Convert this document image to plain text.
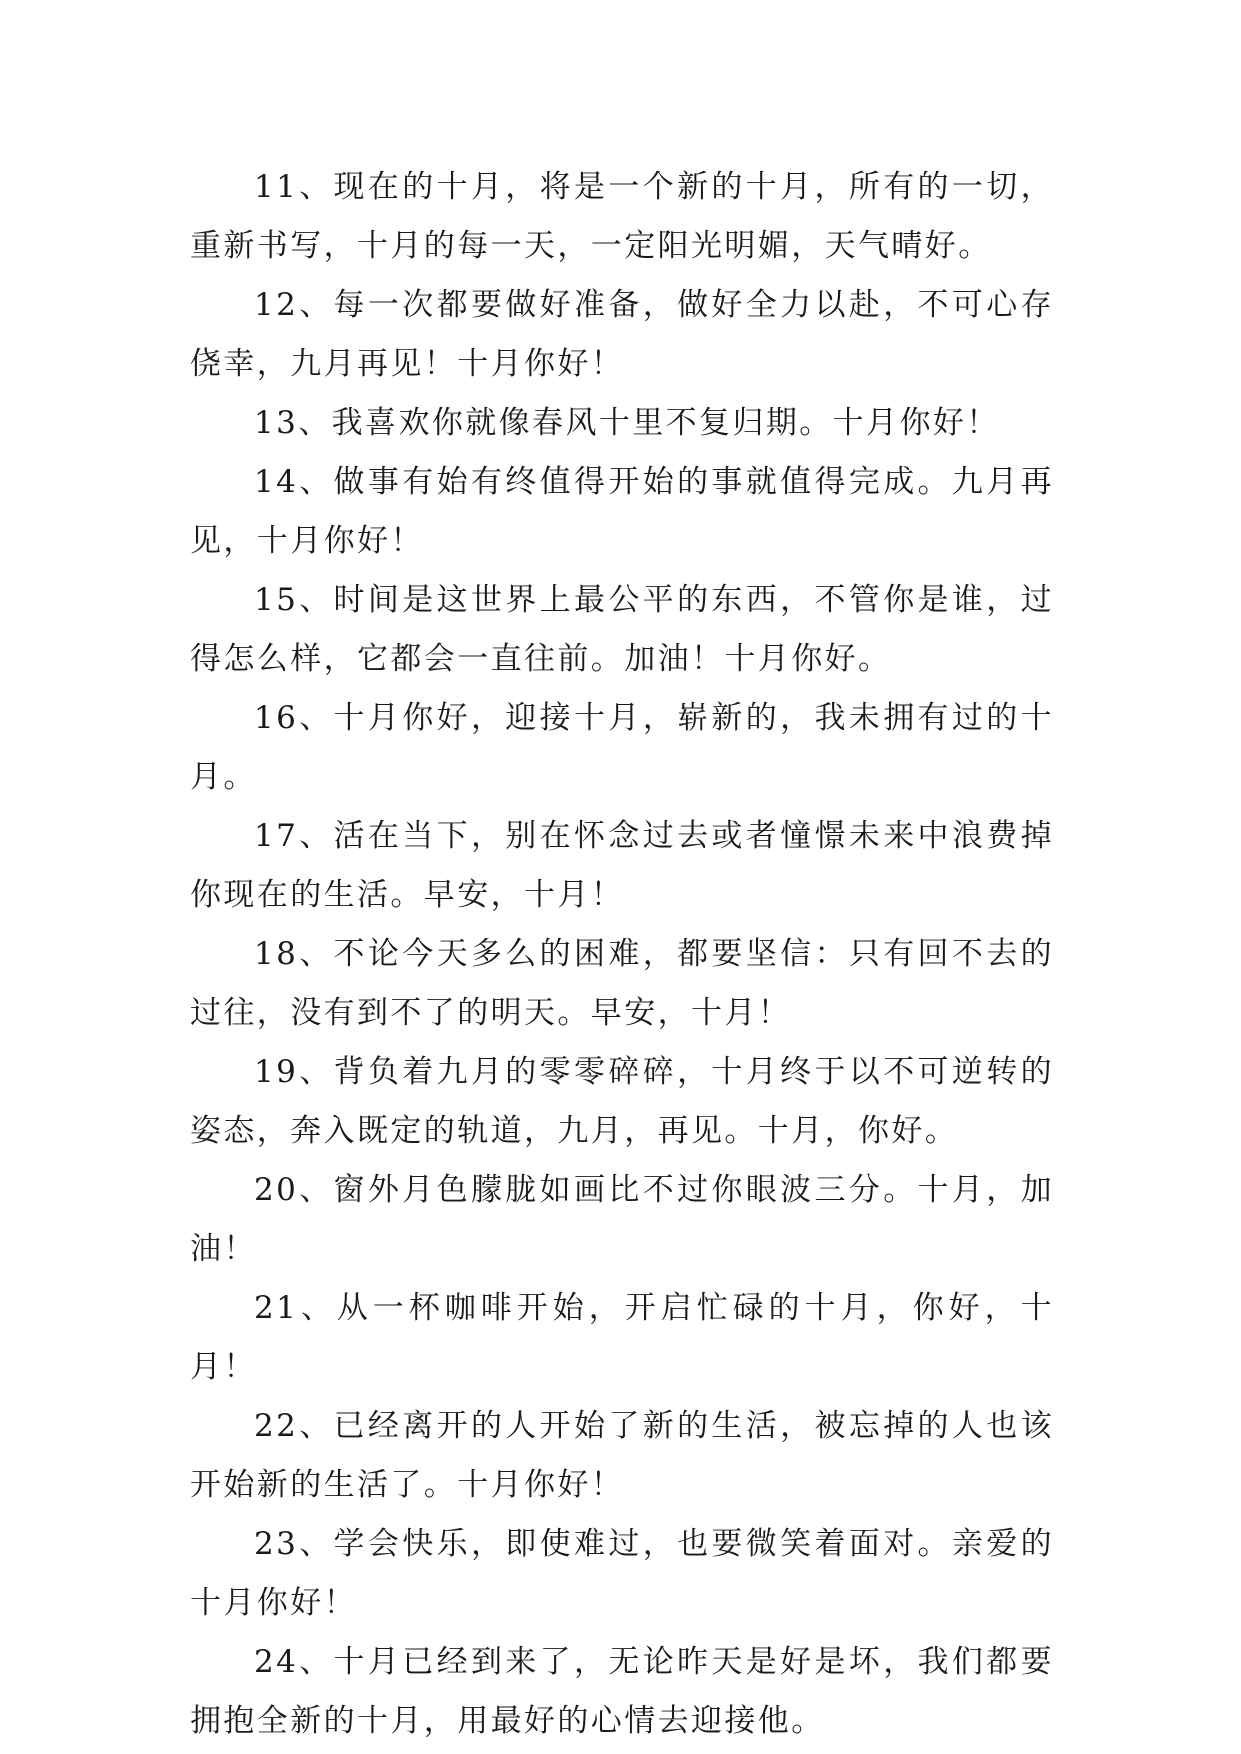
11、现在的十月，将是一个新的十月，所有的一切，重新书写，十月的每一天，一定阳光明媚，天气晴好。

12、每一次都要做好准备，做好全力以赴，不可心存侥幸，九月再见！十月你好！

13、我喜欢你就像春风十里不复归期。十月你好！

14、做事有始有终值得开始的事就值得完成。九月再见，十月你好！

15、时间是这世界上最公平的东西，不管你是谁，过得怎么样，它都会一直往前。加油！十月你好。

16、十月你好，迎接十月，崭新的，我未拥有过的十月。

17、活在当下，别在怀念过去或者憧憬未来中浪费掉你现在的生活。早安，十月！

18、不论今天多么的困难，都要坚信：只有回不去的过往，没有到不了的明天。早安，十月！

19、背负着九月的零零碎碎，十月终于以不可逆转的姿态，奔入既定的轨道，九月，再见。十月，你好。

20、窗外月色朦胧如画比不过你眼波三分。十月，加油！

21、从一杯咖啡开始，开启忙碌的十月，你好，十月！

22、已经离开的人开始了新的生活，被忘掉的人也该开始新的生活了。十月你好！

23、学会快乐，即使难过，也要微笑着面对。亲爱的十月你好！

24、十月已经到来了，无论昨天是好是坏，我们都要拥抱全新的十月，用最好的心情去迎接他。
